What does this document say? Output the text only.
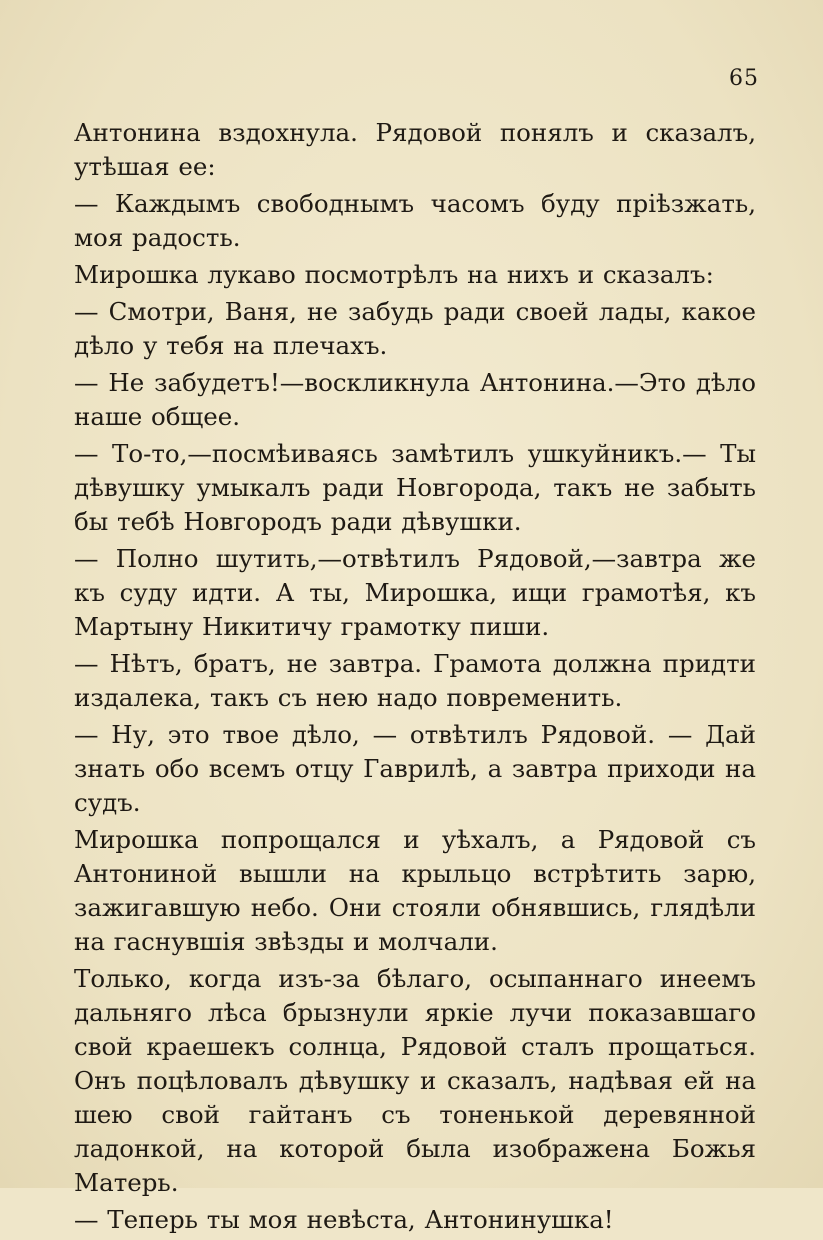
65

Антонина вздохнула. Рядовой понялъ и сказалъ, утѣшая ее:

— Каждымъ свободнымъ часомъ буду прiѣзжать, моя радость.

Мирошка лукаво посмотрѣлъ на нихъ и сказалъ:

— Смотри, Ваня, не забудь ради своей лады, какое дѣло у тебя на плечахъ.

— Не забудетъ!—воскликнула Антонина.—Это дѣло наше общее.

— То-то,—посмѣиваясь замѣтилъ ушкуйникъ.— Ты дѣвушку умыкалъ ради Новгорода, такъ не забыть бы тебѣ Новгородъ ради дѣвушки.

— Полно шутить,—отвѣтилъ Рядовой,—завтра же къ суду идти. А ты, Мирошка, ищи грамотѣя, къ Мартыну Никитичу грамотку пиши.

— Нѣтъ, братъ, не завтра. Грамота должна придти издалека, такъ съ нею надо повременить.

— Ну, это твое дѣло, — отвѣтилъ Рядовой. — Дай знать обо всемъ отцу Гаврилѣ, а завтра приходи на судъ.

Мирошка попрощался и уѣхалъ, а Рядовой съ Антониной вышли на крыльцо встрѣтить зарю, зажигавшую небо. Они стояли обнявшись, глядѣли на гаснувшiя звѣзды и молчали.

Только, когда изъ-за бѣлаго, осыпаннаго инеемъ дальняго лѣса брызнули яркiе лучи показавшаго свой краешекъ солнца, Рядовой сталъ прощаться. Онъ поцѣловалъ дѣвушку и сказалъ, надѣвая ей на шею свой гайтанъ съ тоненькой деревянной ладонкой, на которой была изображена Божья Матерь.

— Теперь ты моя невѣста, Антонинушка!
